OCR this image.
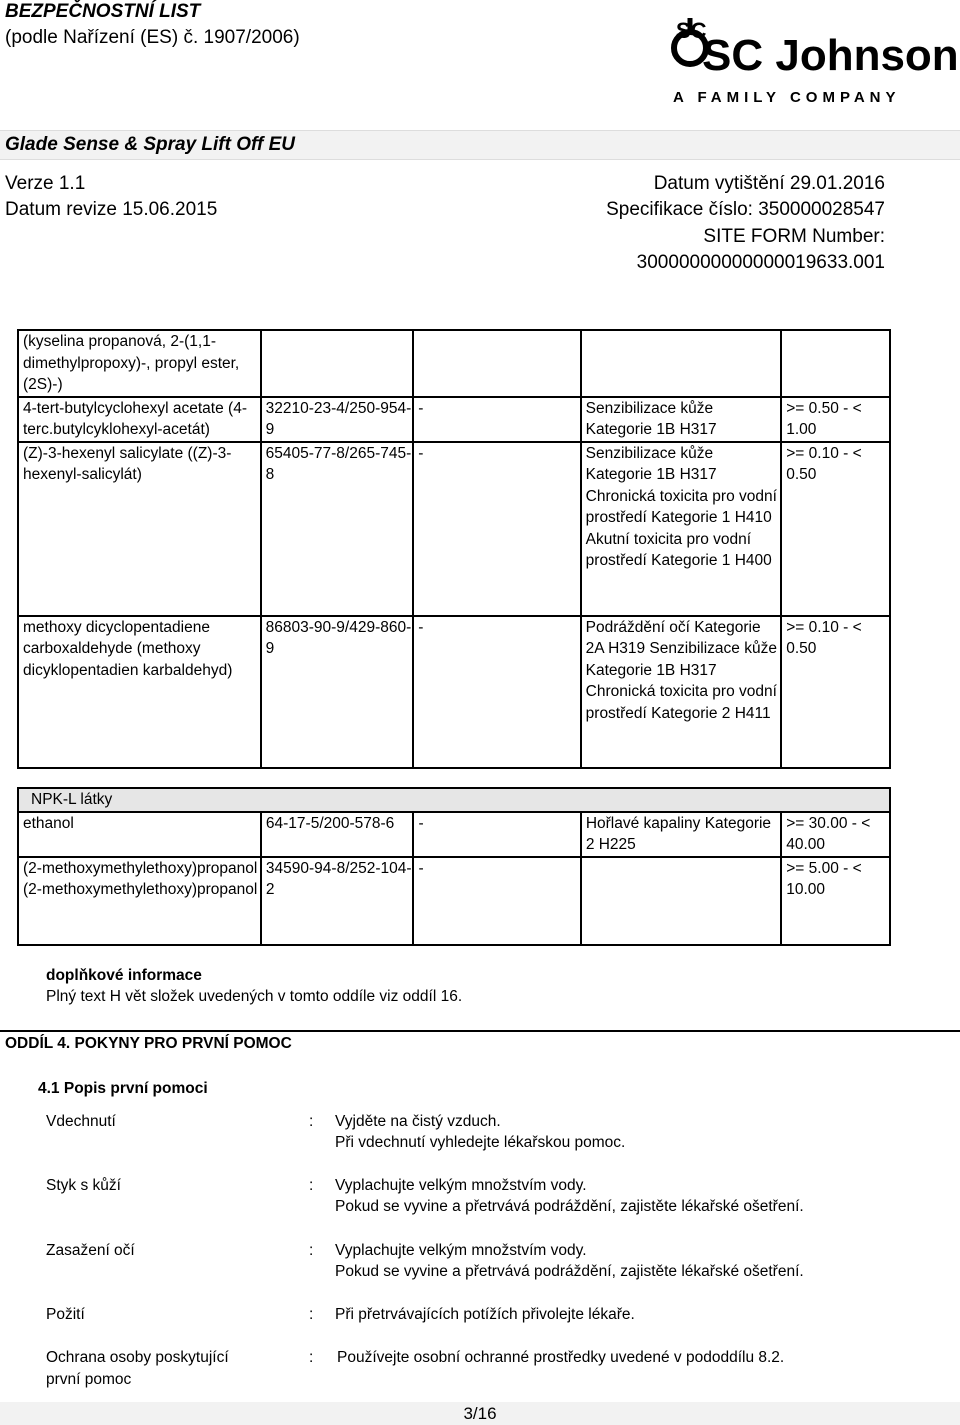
BEZPEČNOSTNÍ LIST
(podle Nařízení (ES) č. 1907/2006)	SC
SC Johnson
A FAMILY COMPANY
Glade Sense & Spray Lift Off EU
Verze 1.1
Datum revize 15.06.2015
Datum vytištění 29.01.2016
Specifikace číslo: 350000028547
SITE FORM Number:
30000000000000019633.001
(kyselina propanová, 2-(1,1-dimethylpropoxy)-, propyl ester, (2S)-)				

4-tert-butylcyclohexyl acetate (4-terc.butylcyklohexyl-acetát)	32210-23-4/250-954-9	-	Senzibilizace kůže Kategorie 1B H317	>= 0.50 - < 1.00

(Z)-3-hexenyl salicylate ((Z)-3-hexenyl-salicylát)	65405-77-8/265-745-8	-	Senzibilizace kůže Kategorie 1B H317 Chronická toxicita pro vodní prostředí Kategorie 1 H410 Akutní toxicita pro vodní prostředí Kategorie 1 H400	>= 0.10 - < 0.50

methoxy dicyclopentadiene carboxaldehyde (methoxy dicyklopentadien karbaldehyd)	86803-90-9/429-860-9	-	Podráždění očí Kategorie 2A H319 Senzibilizace kůže Kategorie 1B H317 Chronická toxicita pro vodní prostředí Kategorie 2 H411	>= 0.10 - < 0.50
NPK-L látky				

ethanol	64-17-5/200-578-6	-	Hořlavé kapaliny Kategorie 2 H225	>= 30.00 - < 40.00

(2-methoxymethylethoxy)propanol (2-methoxymethylethoxy)propanol	34590-94-8/252-104-2	-		>= 5.00 - < 10.00
doplňkové informace
Plný text H vět složek uvedených v tomto oddíle viz oddíl 16.
ODDÍL 4. POKYNY PRO PRVNÍ POMOC
4.1 Popis první pomoci
Vdechnutí	: Vyjděte na čistý vzduch.
Při vdechnutí vyhledejte lékařskou pomoc.
Styk s kůží	: Vyplachujte velkým množstvím vody.
Pokud se vyvine a přetrvává podráždění, zajistěte lékařské ošetření.
Zasažení očí	: Vyplachujte velkým množstvím vody.
Pokud se vyvine a přetrvává podráždění, zajistěte lékařské ošetření.
Požití	: Při přetrvávajících potížích přivolejte lékaře.
Ochrana osoby poskytující první pomoc
: Používejte osobní ochranné prostředky uvedené v pododdílu 8.2.
3/16
